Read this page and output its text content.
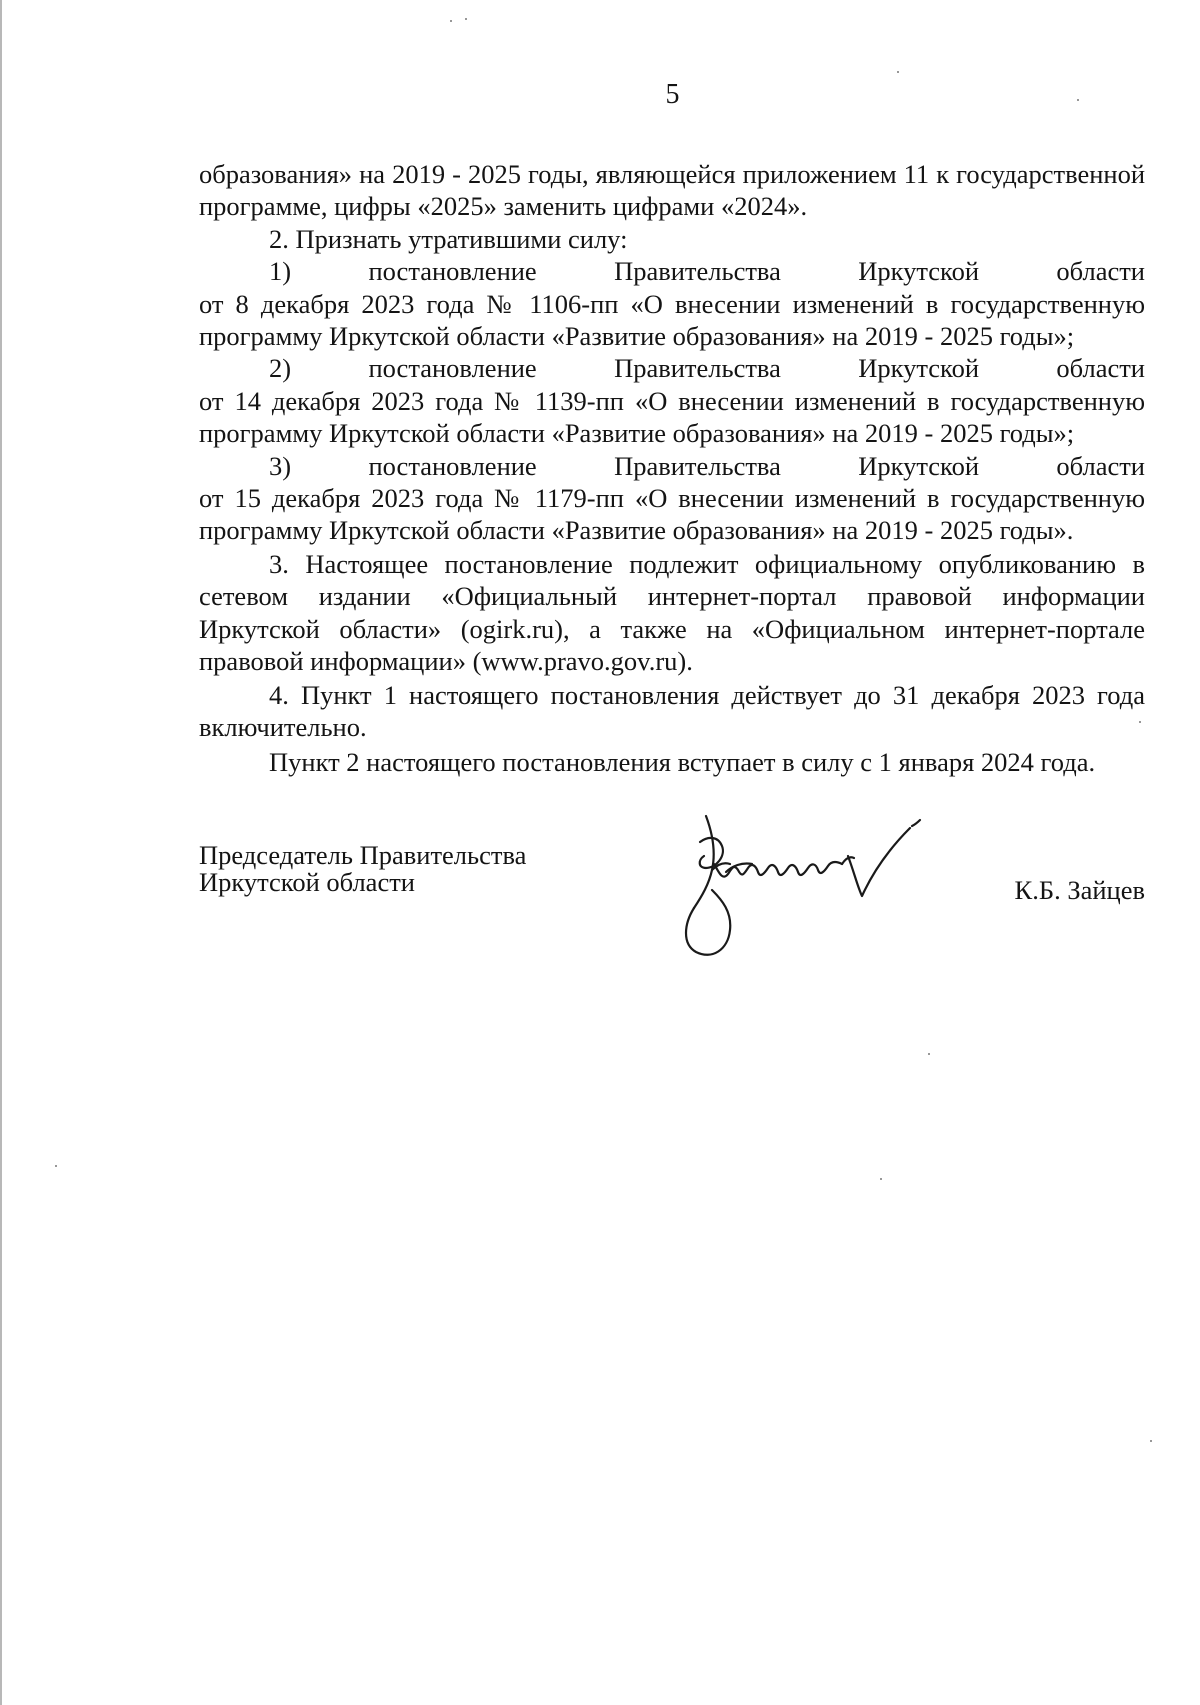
5

образования» на 2019 - 2025 годы, являющейся приложением 11 к государственной программе, цифры «2025» заменить цифрами «2024».

2. Признать утратившими силу:

1)	постановление	Правительства	Иркутской	области

от 8 декабря 2023 года № 1106-пп «О внесении изменений в государственную программу Иркутской области «Развитие образования» на 2019 - 2025 годы»;

2)	постановление	Правительства	Иркутской	области

от 14 декабря 2023 года № 1139-пп «О внесении изменений в государственную программу Иркутской области «Развитие образования» на 2019 - 2025 годы»;

3)	постановление	Правительства	Иркутской	области

от 15 декабря 2023 года № 1179-пп «О внесении изменений в государственную программу Иркутской области «Развитие образования» на 2019 - 2025 годы».

3. Настоящее постановление подлежит официальному опубликованию в сетевом издании «Официальный интернет-портал правовой информации Иркутской области» (ogirk.ru), а также на «Официальном интернет-портале правовой информации» (www.pravo.gov.ru).

4. Пункт 1 настоящего постановления действует до 31 декабря 2023 года включительно.

Пункт 2 настоящего постановления вступает в силу с 1 января 2024 года.

Председатель Правительства
Иркутской области	К.Б. Зайцев
